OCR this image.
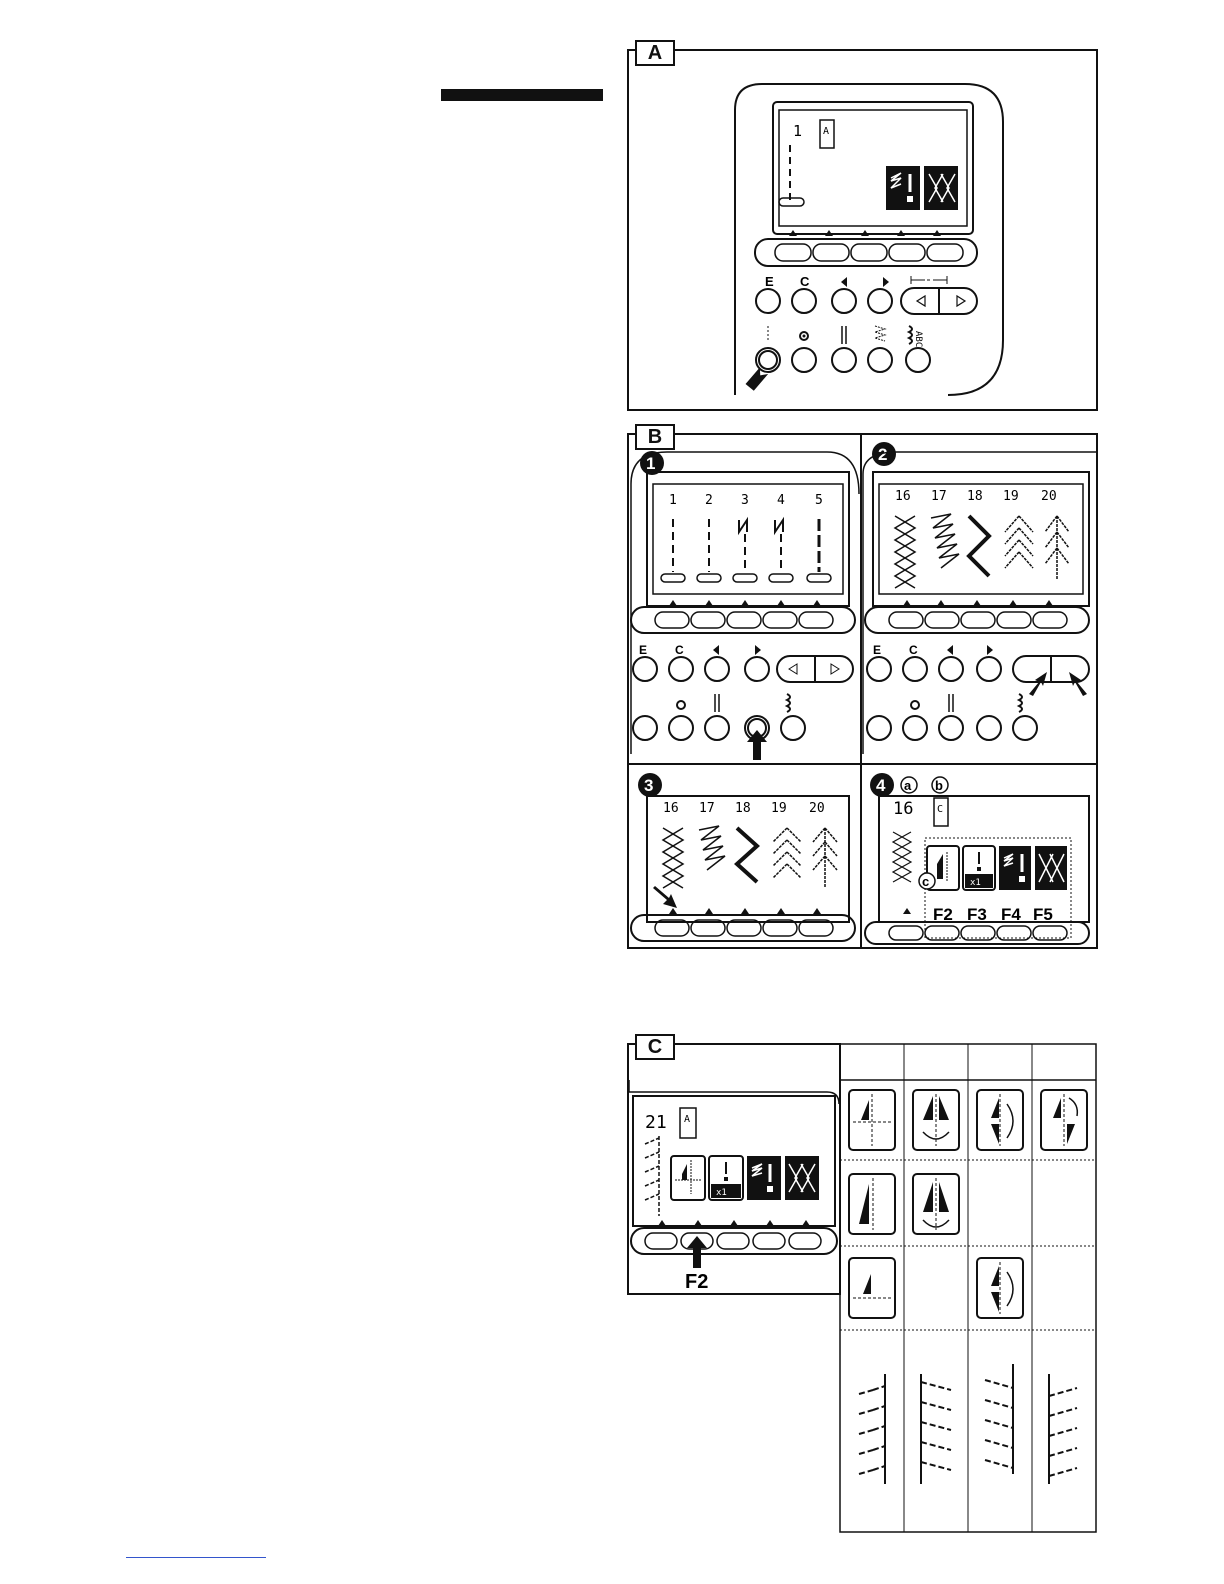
1 A
E C
ABC
A
1
1 2 3 4 5
E C
2
16 17 18 19 20
E C
3
16 17 18 19 20
4 a b
16 C
x1
c
F2 F3 F4 F5
B
21 A
x1
F2
C
